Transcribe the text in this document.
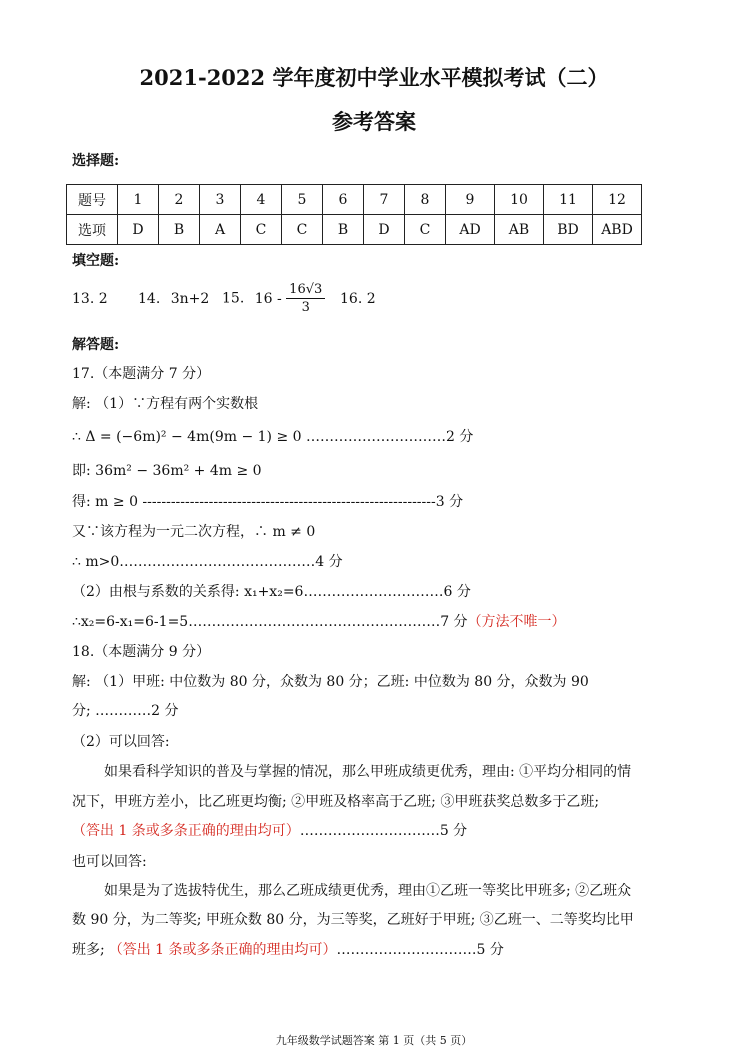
2021-2022 学年度初中学业水平模拟考试（二）
参考答案
选择题:
题号	1	2	3	4	5	6	7	8	9	10	11	12
选项	D	B	A	C	C	B	D	C	AD	AB	BD	ABD
填空题:
13. 2 14. 3n+2 15. $16 - \frac{16√3}{3} 16$. 2
解答题:
17.（本题满分 7 分）
解: （1）∵方程有两个实数根
∴ Δ = (−6m)² − 4m(9m − 1) ≥ 0 …………………………2 分
即: 36m² − 36m² + 4m ≥ 0
得: m ≥ 0 --------------------------------------------------------------3 分
又∵该方程为一元二次方程，∴ m ≠ 0
∴ m>0……………………………………4 分
（2）由根与系数的关系得: x₁+x₂=6…………………………6 分
∴x₂=6-x₁=6-1=5………………………………………………7 分（方法不唯一）
18.（本题满分 9 分）
解: （1）甲班: 中位数为 80 分，众数为 80 分；乙班: 中位数为 80 分，众数为 90
分; …………2 分
（2）可以回答:
如果看科学知识的普及与掌握的情况，那么甲班成绩更优秀，理由: ①平均分相同的情
况下，甲班方差小，比乙班更均衡; ②甲班及格率高于乙班; ③甲班获奖总数多于乙班;
（答出 1 条或多条正确的理由均可）…………………………5 分
也可以回答:
如果是为了选拔特优生，那么乙班成绩更优秀，理由①乙班一等奖比甲班多; ②乙班众
数 90 分，为二等奖; 甲班众数 80 分，为三等奖，乙班好于甲班; ③乙班一、二等奖均比甲
班多; （答出 1 条或多条正确的理由均可）…………………………5 分
九年级数学试题答案 第 1 页（共 5 页）
